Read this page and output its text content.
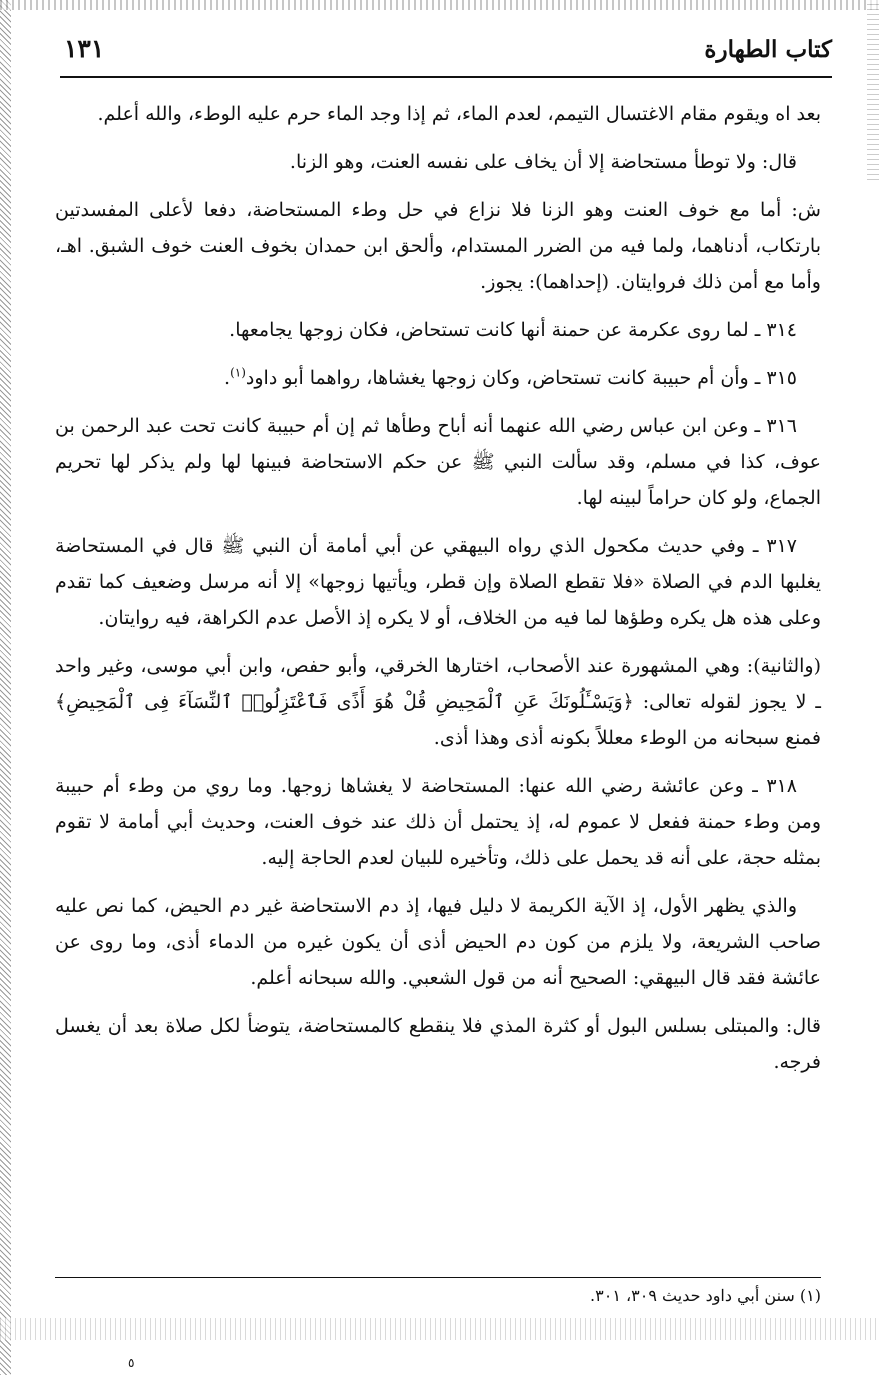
كتاب الطهارة
١٣١

بعد اه ويقوم مقام الاغتسال التيمم، لعدم الماء، ثم إذا وجد الماء حرم عليه الوطء، والله أعلم.

قال: ولا توطأ مستحاضة إلا أن يخاف على نفسه العنت، وهو الزنا.

ش: أما مع خوف العنت وهو الزنا فلا نزاع في حل وطء المستحاضة، دفعا لأعلى المفسدتين بارتكاب، أدناهما، ولما فيه من الضرر المستدام، وألحق ابن حمدان بخوف العنت خوف الشبق. اهـ، وأما مع أمن ذلك فروايتان. (إحداهما): يجوز.

٣١٤ ـ لما روى عكرمة عن حمنة أنها كانت تستحاض، فكان زوجها يجامعها.

٣١٥ ـ وأن أم حبيبة كانت تستحاض، وكان زوجها يغشاها، رواهما أبو داود$^{(١)}$.

٣١٦ ـ وعن ابن عباس رضي الله عنهما أنه أباح وطأها ثم إن أم حبيبة كانت تحت عبد الرحمن بن عوف، كذا في مسلم، وقد سألت النبي ﷺ عن حكم الاستحاضة فبينها لها ولم يذكر لها تحريم الجماع، ولو كان حراماً لبينه لها.

٣١٧ ـ وفي حديث مكحول الذي رواه البيهقي عن أبي أمامة أن النبي ﷺ قال في المستحاضة يغلبها الدم في الصلاة «فلا تقطع الصلاة وإن قطر، ويأتيها زوجها» إلا أنه مرسل وضعيف كما تقدم وعلى هذه هل يكره وطؤها لما فيه من الخلاف، أو لا يكره إذ الأصل عدم الكراهة، فيه روايتان.

(والثانية): وهي المشهورة عند الأصحاب، اختارها الخرقي، وأبو حفص، وابن أبي موسى، وغير واحد ـ لا يجوز لقوله تعالى: ﴿وَيَسْـَٔلُونَكَ عَنِ ٱلْمَحِيضِ قُلْ هُوَ أَذًى فَٱعْتَزِلُوا۟ ٱلنِّسَآءَ فِى ٱلْمَحِيضِ﴾ فمنع سبحانه من الوطء معللاً بكونه أذى وهذا أذى.

٣١٨ ـ وعن عائشة رضي الله عنها: المستحاضة لا يغشاها زوجها. وما روي من وطء أم حبيبة ومن وطء حمنة ففعل لا عموم له، إذ يحتمل أن ذلك عند خوف العنت، وحديث أبي أمامة لا تقوم بمثله حجة، على أنه قد يحمل على ذلك، وتأخيره للبيان لعدم الحاجة إليه.

والذي يظهر الأول، إذ الآية الكريمة لا دليل فيها، إذ دم الاستحاضة غير دم الحيض، كما نص عليه صاحب الشريعة، ولا يلزم من كون دم الحيض أذى أن يكون غيره من الدماء أذى، وما روى عن عائشة فقد قال البيهقي: الصحيح أنه من قول الشعبي. والله سبحانه أعلم.

قال: والمبتلى بسلس البول أو كثرة المذي فلا ينقطع كالمستحاضة، يتوضأ لكل صلاة بعد أن يغسل فرجه.

(١) سنن أبي داود حديث ٣٠٩، ٣٠١.
٥
